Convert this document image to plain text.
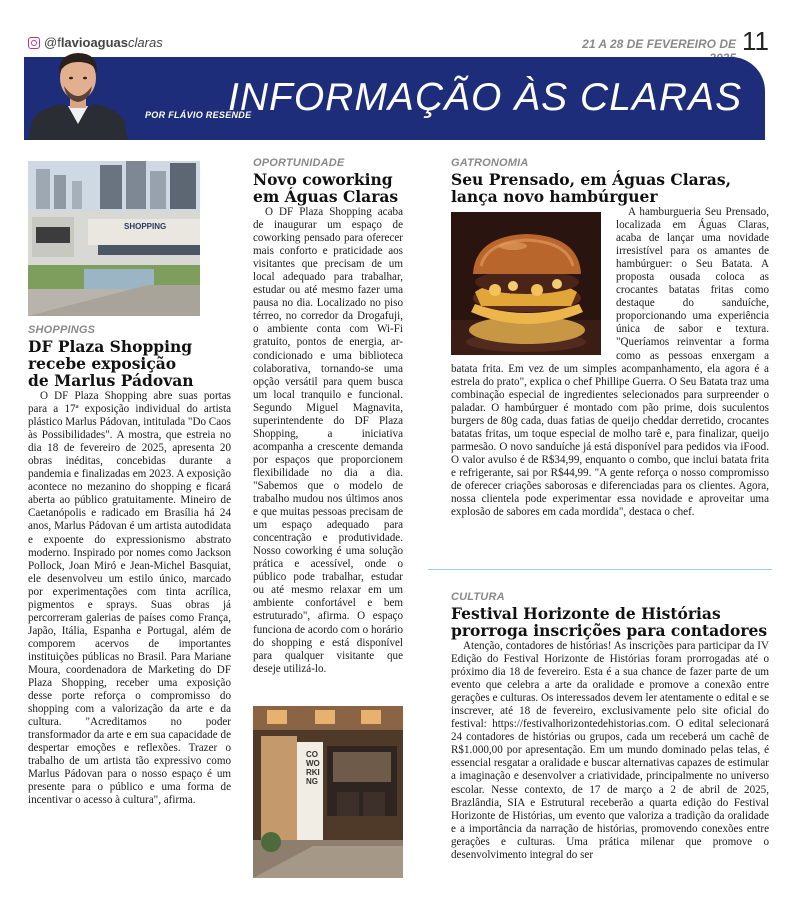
@flavioaguasclaras	21 A 28 DE FEVEREIRO DE 11
POR FLÁVIO RESENDE
INFORMAÇÃO ÀS CLARAS
SHOPPING
SHOPPINGS
DF Plaza Shopping
recebe exposição
de Marlus Pádovan

O DF Plaza Shopping abre suas portas para a 17ª exposição individual do artista plástico Marlus Pádovan, intitulada "Do Caos às Possibilidades". A mostra, que estreia no dia 18 de fevereiro de 2025, apresenta 20 obras inéditas, concebidas durante a pandemia e finalizadas em 2023. A exposição acontece no mezanino do shopping e ficará aberta ao público gratuitamente. Mineiro de Caetanópolis e radicado em Brasília há 24 anos, Marlus Pádovan é um artista autodidata e expoente do expressionismo abstrato moderno. Inspirado por nomes como Jackson Pollock, Joan Miró e Jean-Michel Basquiat, ele desenvolveu um estilo único, marcado por experimentações com tinta acrílica, pigmentos e sprays. Suas obras já percorreram galerias de países como França, Japão, Itália, Espanha e Portugal, além de comporem acervos de importantes instituições públicas no Brasil. Para Mariane Moura, coordenadora de Marketing do DF Plaza Shopping, receber uma exposição desse porte reforça o compromisso do shopping com a valorização da arte e da cultura. "Acreditamos no poder transformador da arte e em sua capacidade de despertar emoções e reflexões. Trazer o trabalho de um artista tão expressivo como Marlus Pádovan para o nosso espaço é um presente para o público e uma forma de incentivar o acesso à cultura", afirma.

OPORTUNIDADE
Novo coworking
em Águas Claras

O DF Plaza Shopping acaba de inaugurar um espaço de coworking pensado para oferecer mais conforto e praticidade aos visitantes que precisam de um local adequado para trabalhar, estudar ou até mesmo fazer uma pausa no dia. Localizado no piso térreo, no corredor da Drogafuji, o ambiente conta com Wi-Fi gratuito, pontos de energia, ar-condicionado e uma biblioteca colaborativa, tornando-se uma opção versátil para quem busca um local tranquilo e funcional. Segundo Miguel Magnavita, superintendente do DF Plaza Shopping, a iniciativa acompanha a crescente demanda por espaços que proporcionem flexibilidade no dia a dia. "Sabemos que o modelo de trabalho mudou nos últimos anos e que muitas pessoas precisam de um espaço adequado para concentração e produtividade. Nosso coworking é uma solução prática e acessível, onde o público pode trabalhar, estudar ou até mesmo relaxar em um ambiente confortável e bem estruturado", afirma. O espaço funciona de acordo com o horário do shopping e está disponível para qualquer visitante que deseje utilizá-lo.

COWORKING
GATRONOMIA
Seu Prensado, em Águas Claras,
lança novo hambúrguer

A hamburgueria Seu Prensado, localizada em Águas Claras, acaba de lançar uma novidade irresistível para os amantes de hambúrguer: o Seu Batata. A proposta ousada coloca as crocantes batatas fritas como destaque do sanduíche, proporcionando uma experiência única de sabor e textura. "Queríamos reinventar a forma como as pessoas enxergam a batata frita. Em vez de um simples acompanhamento, ela agora é a estrela do prato", explica o chef Phillipe Guerra. O Seu Batata traz uma combinação especial de ingredientes selecionados para surpreender o paladar. O hambúrguer é montado com pão prime, dois suculentos burgers de 80g cada, duas fatias de queijo cheddar derretido, crocantes batatas fritas, um toque especial de molho tarê e, para finalizar, queijo parmesão. O novo sanduíche já está disponível para pedidos via iFood. O valor avulso é de R$34,99, enquanto o combo, que inclui batata frita e refrigerante, sai por R$44,99. "A gente reforça o nosso compromisso de oferecer criações saborosas e diferenciadas para os clientes. Agora, nossa clientela pode experimentar essa novidade e aproveitar uma explosão de sabores em cada mordida", destaca o chef.

CULTURA
Festival Horizonte de Histórias
prorroga inscrições para contadores

Atenção, contadores de histórias! As inscrições para participar da IV Edição do Festival Horizonte de Histórias foram prorrogadas até o próximo dia 18 de fevereiro. Esta é a sua chance de fazer parte de um evento que celebra a arte da oralidade e promove a conexão entre gerações e culturas. Os interessados devem ler atentamente o edital e se inscrever, até 18 de fevereiro, exclusivamente pelo site oficial do festival: https://festivalhorizontedehistorias.com. O edital selecionará 24 contadores de histórias ou grupos, cada um receberá um cachê de R$1.000,00 por apresentação. Em um mundo dominado pelas telas, é essencial resgatar a oralidade e buscar alternativas capazes de estimular a imaginação e desenvolver a criatividade, principalmente no universo escolar. Nesse contexto, de 17 de março a 2 de abril de 2025, Brazlândia, SIA e Estrutural receberão a quarta edição do Festival Horizonte de Histórias, um evento que valoriza a tradição da oralidade e a importância da narração de histórias, promovendo conexões entre gerações e culturas. Uma prática milenar que promove o desenvolvimento integral do ser
